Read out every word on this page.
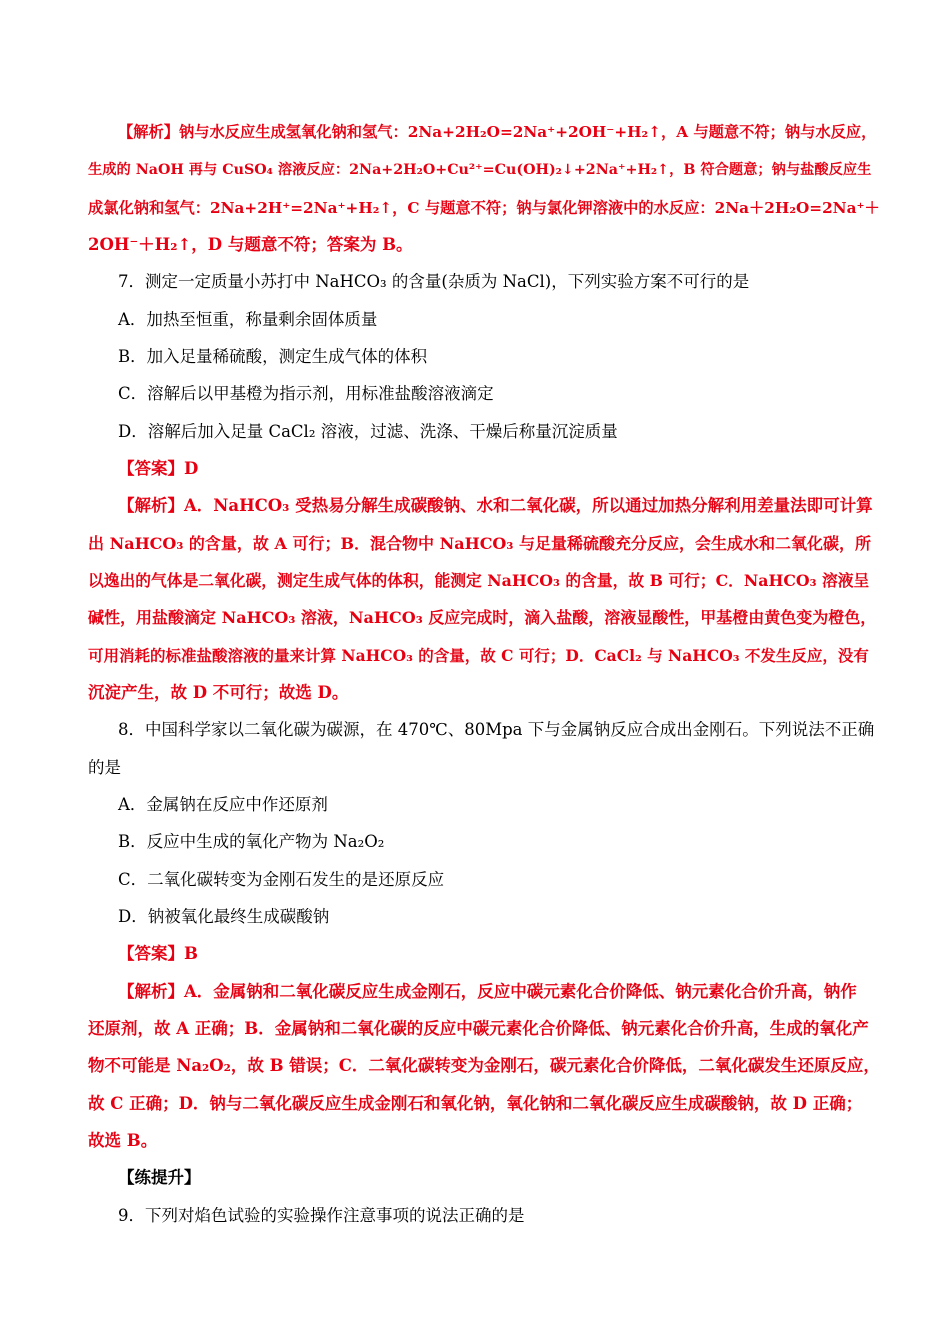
【解析】钠与水反应生成氢氧化钠和氢气：2Na+2H₂O=2Na⁺+2OH⁻+H₂↑，A 与题意不符；钠与水反应，
生成的 NaOH 再与 CuSO₄ 溶液反应：2Na+2H₂O+Cu²⁺=Cu(OH)₂↓+2Na⁺+H₂↑，B 符合题意；钠与盐酸反应生
成氯化钠和氢气：2Na+2H⁺=2Na⁺+H₂↑，C 与题意不符；钠与氯化钾溶液中的水反应：2Na＋2H₂O=2Na⁺＋
2OH⁻＋H₂↑，D 与题意不符；答案为 B。
7．测定一定质量小苏打中 NaHCO₃ 的含量(杂质为 NaCl)，下列实验方案不可行的是
A．加热至恒重，称量剩余固体质量
B．加入足量稀硫酸，测定生成气体的体积
C．溶解后以甲基橙为指示剂，用标准盐酸溶液滴定
D．溶解后加入足量 CaCl₂ 溶液，过滤、洗涤、干燥后称量沉淀质量
【答案】D
【解析】A．NaHCO₃ 受热易分解生成碳酸钠、水和二氧化碳，所以通过加热分解利用差量法即可计算
出 NaHCO₃ 的含量，故 A 可行；B．混合物中 NaHCO₃ 与足量稀硫酸充分反应，会生成水和二氧化碳，所
以逸出的气体是二氧化碳，测定生成气体的体积，能测定 NaHCO₃ 的含量，故 B 可行；C．NaHCO₃ 溶液呈
碱性，用盐酸滴定 NaHCO₃ 溶液，NaHCO₃ 反应完成时，滴入盐酸，溶液显酸性，甲基橙由黄色变为橙色，
可用消耗的标准盐酸溶液的量来计算 NaHCO₃ 的含量，故 C 可行；D．CaCl₂ 与 NaHCO₃ 不发生反应，没有
沉淀产生，故 D 不可行；故选 D。
8．中国科学家以二氧化碳为碳源，在 470℃、80Mpa 下与金属钠反应合成出金刚石。下列说法不正确
的是
A．金属钠在反应中作还原剂
B．反应中生成的氧化产物为 Na₂O₂
C．二氧化碳转变为金刚石发生的是还原反应
D．钠被氧化最终生成碳酸钠
【答案】B
【解析】A．金属钠和二氧化碳反应生成金刚石，反应中碳元素化合价降低、钠元素化合价升高，钠作
还原剂，故 A 正确；B．金属钠和二氧化碳的反应中碳元素化合价降低、钠元素化合价升高，生成的氧化产
物不可能是 Na₂O₂，故 B 错误；C．二氧化碳转变为金刚石，碳元素化合价降低，二氧化碳发生还原反应，
故 C 正确；D．钠与二氧化碳反应生成金刚石和氧化钠，氧化钠和二氧化碳反应生成碳酸钠，故 D 正确；
故选 B。
【练提升】
9．下列对焰色试验的实验操作注意事项的说法正确的是
